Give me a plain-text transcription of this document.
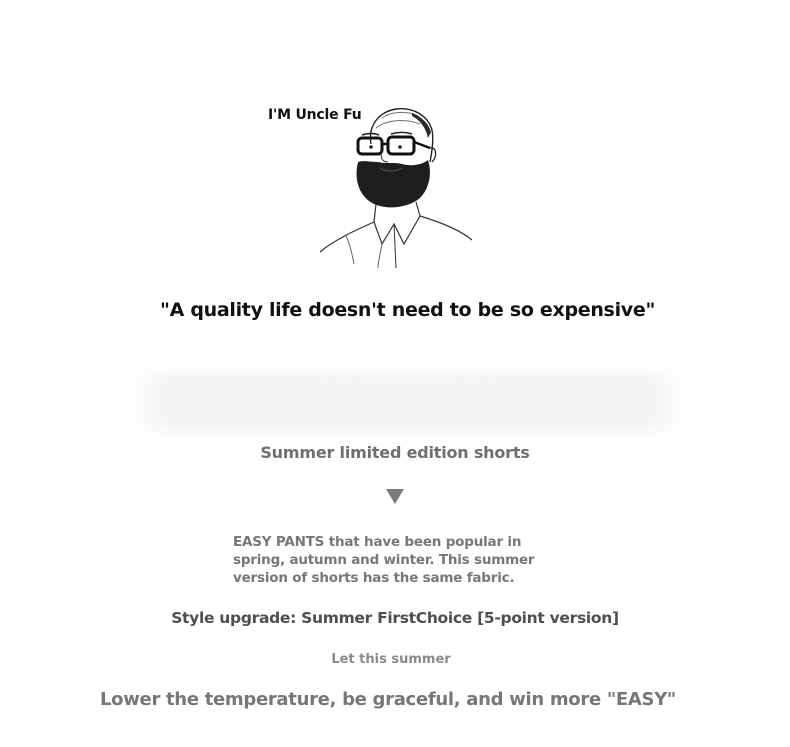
I'M Uncle Fu
"A quality life doesn't need to be so expensive"
Summer limited edition shorts
EASY PANTS that have been popular in
spring, autumn and winter. This summer
version of shorts has the same fabric.
Style upgrade: Summer FirstChoice [5-point version]
Let this summer
Lower the temperature, be graceful, and win more "EASY"
